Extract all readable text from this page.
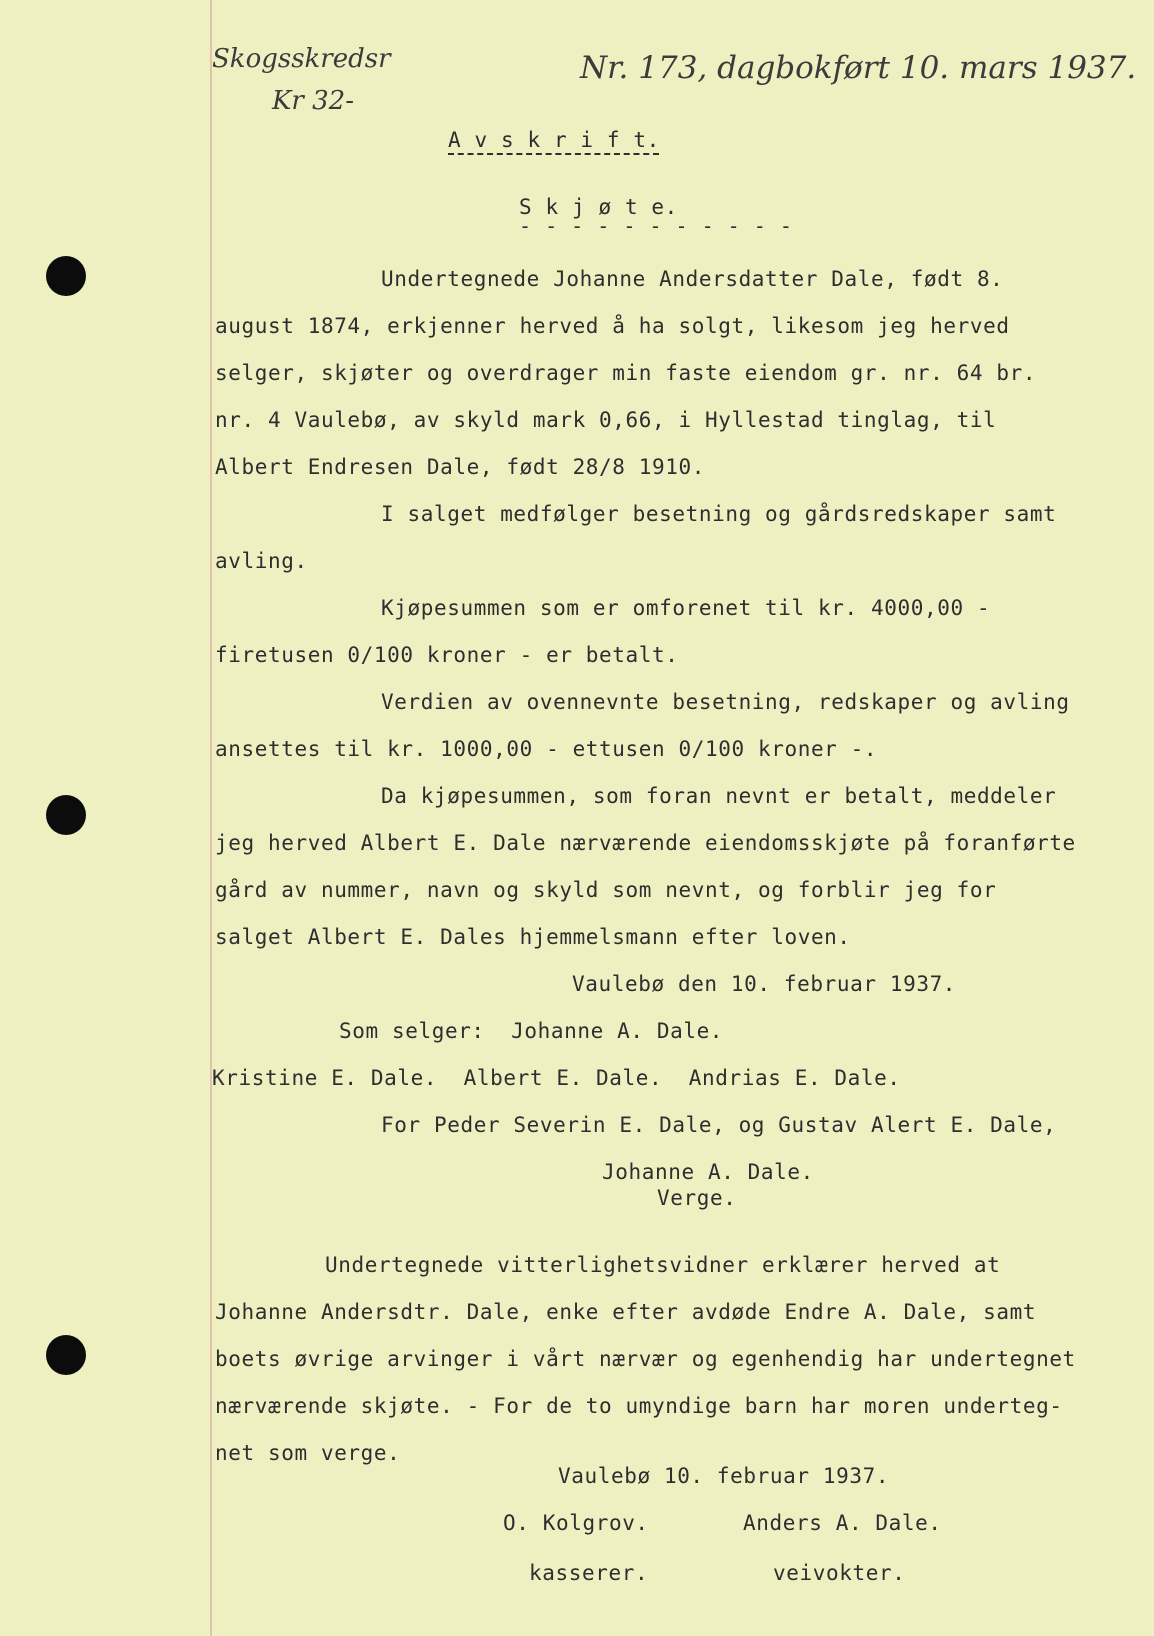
Skogsskredsr
Kr 32-
Nr. 173, dagbokført 10. mars 1937.
A v s k r i f t.
S k j ø t e.
- - - - - - - - - - -
Undertegnede Johanne Andersdatter Dale, født 8.
august 1874, erkjenner herved å ha solgt, likesom jeg herved
selger, skjøter og overdrager min faste eiendom gr. nr. 64 br.
nr. 4 Vaulebø, av skyld mark 0,66, i Hyllestad tinglag, til
Albert Endresen Dale, født 28/8 1910.
I salget medfølger besetning og gårdsredskaper samt
avling.
Kjøpesummen som er omforenet til kr. 4000,00 -
firetusen 0/100 kroner - er betalt.
Verdien av ovennevnte besetning, redskaper og avling
ansettes til kr. 1000,00 - ettusen 0/100 kroner -.
Da kjøpesummen, som foran nevnt er betalt, meddeler
jeg herved Albert E. Dale nærværende eiendomsskjøte på foranførte
gård av nummer, navn og skyld som nevnt, og forblir jeg for
salget Albert E. Dales hjemmelsmann efter loven.
Vaulebø den 10. februar 1937.
Som selger:  Johanne A. Dale.
Kristine E. Dale.  Albert E. Dale.  Andrias E. Dale.
For Peder Severin E. Dale, og Gustav Alert E. Dale,
Johanne A. Dale.
Verge.
Undertegnede vitterlighetsvidner erklærer herved at
Johanne Andersdtr. Dale, enke efter avdøde Endre A. Dale, samt
boets øvrige arvinger i vårt nærvær og egenhendig har undertegnet
nærværende skjøte. - For de to umyndige barn har moren underteg-
net som verge.
Vaulebø 10. februar 1937.
O. Kolgrov.	Anders A. Dale.
kasserer.	veivokter.
